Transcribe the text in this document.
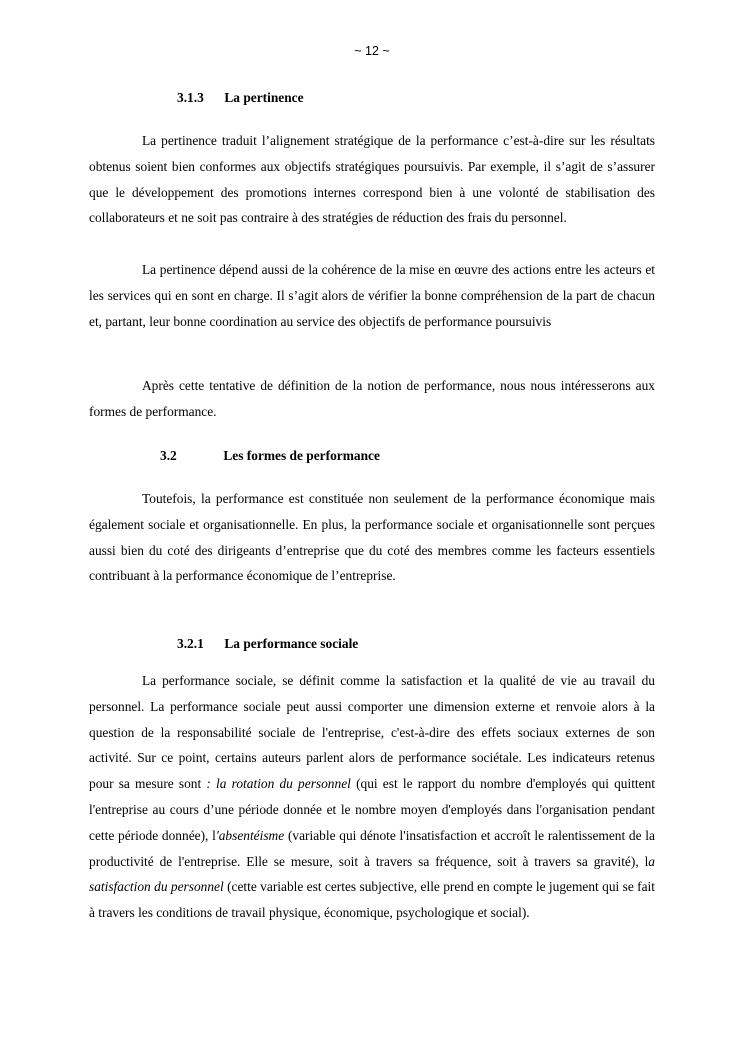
~ 12 ~
3.1.3 La pertinence

La pertinence traduit l’alignement stratégique de la performance c’est-à-dire sur les résultats obtenus soient bien conformes aux objectifs stratégiques poursuivis. Par exemple, il s’agit de s’assurer que le développement des promotions internes correspond bien à une volonté de stabilisation des collaborateurs et ne soit pas contraire à des stratégies de réduction des frais du personnel.

La pertinence dépend aussi de la cohérence de la mise en œuvre des actions entre les acteurs et les services qui en sont en charge. Il s’agit alors de vérifier la bonne compréhension de la part de chacun et, partant, leur bonne coordination au service des objectifs de performance poursuivis

Après cette tentative de définition de la notion de performance, nous nous intéresserons aux formes de performance.

3.2	Les formes de performance

Toutefois, la performance est constituée non seulement de la performance économique mais également sociale et organisationnelle. En plus, la performance sociale et organisationnelle sont perçues aussi bien du coté des dirigeants d’entreprise que du coté des membres comme les facteurs essentiels contribuant à la performance économique de l’entreprise.

3.2.1 La performance sociale

La performance sociale, se définit comme la satisfaction et la qualité de vie au travail du personnel. La performance sociale peut aussi comporter une dimension externe et renvoie alors à la question de la responsabilité sociale de l'entreprise, c'est-à-dire des effets sociaux externes de son activité. Sur ce point, certains auteurs parlent alors de performance sociétale. Les indicateurs retenus pour sa mesure sont : la rotation du personnel (qui est le rapport du nombre d'employés qui quittent l'entreprise au cours d’une période donnée et le nombre moyen d'employés dans l'organisation pendant cette période donnée), l'absentéisme (variable qui dénote l'insatisfaction et accroît le ralentissement de la productivité de l'entreprise. Elle se mesure, soit à travers sa fréquence, soit à travers sa gravité), la satisfaction du personnel (cette variable est certes subjective, elle prend en compte le jugement qui se fait à travers les conditions de travail physique, économique, psychologique et social).
